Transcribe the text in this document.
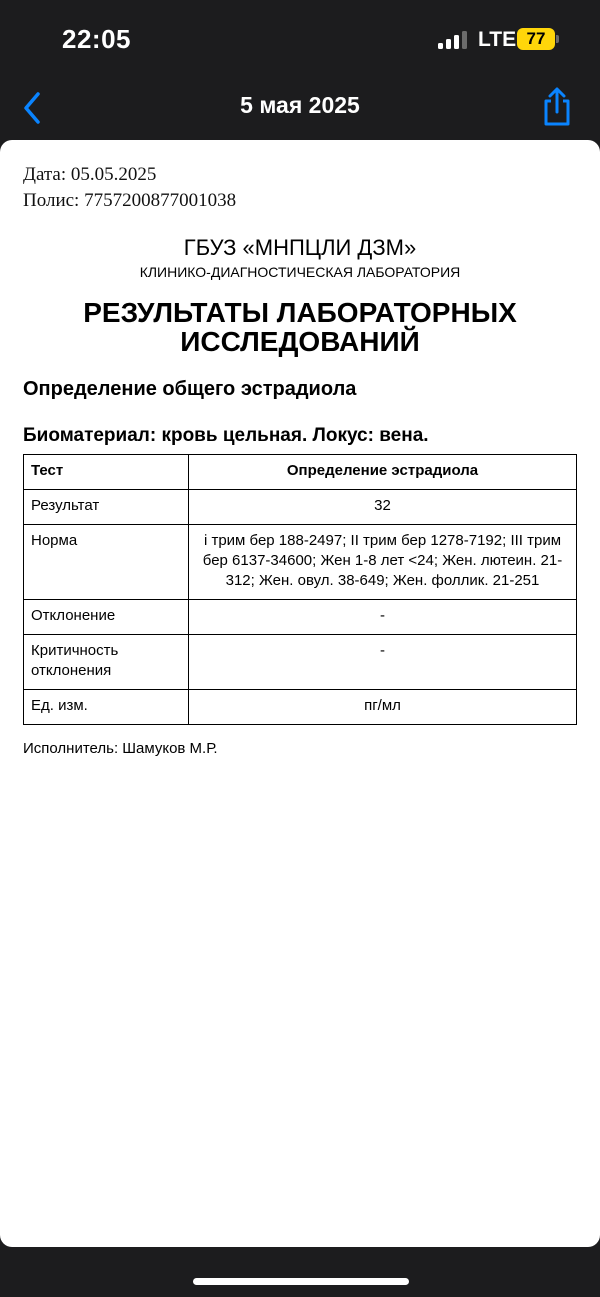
22:05	LTE 77
5 мая 2025
Дата: 05.05.2025
Полис: 7757200877001038
ГБУЗ «МНПЦЛИ ДЗМ»
КЛИНИКО-ДИАГНОСТИЧЕСКАЯ ЛАБОРАТОРИЯ
РЕЗУЛЬТАТЫ ЛАБОРАТОРНЫХ
ИССЛЕДОВАНИЙ
Определение общего эстрадиола
Биоматериал: кровь цельная. Локус: вена.
Тест	Определение эстрадиола
Результат	32
Норма	і трим бер 188-2497; II трим бер 1278-7192; III трим бер 6137-34600; Жен 1-8 лет <24; Жен. лютеин. 21-312; Жен. овул. 38-649; Жен. фоллик. 21-251
Отклонение	-
Критичность отклонения	-
Ед. изм.	пг/мл
Исполнитель: Шамуков М.Р.
